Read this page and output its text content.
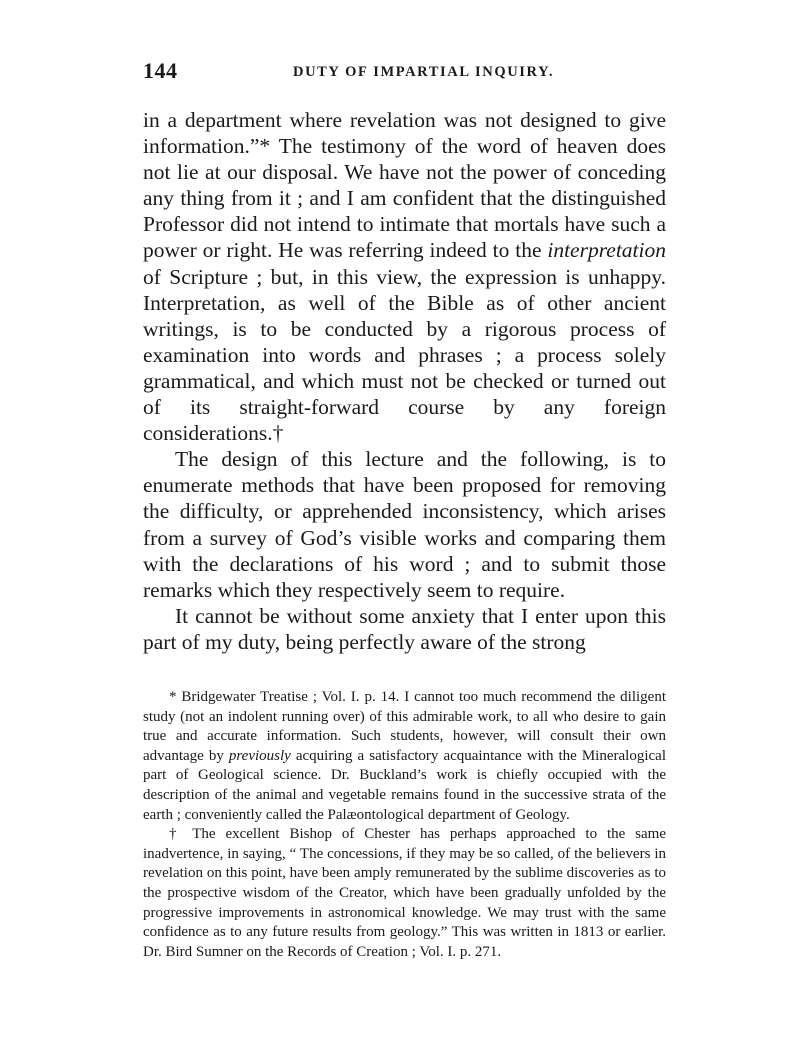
144	DUTY OF IMPARTIAL INQUIRY.

in a department where revelation was not designed to give information.”* The testimony of the word of heaven does not lie at our disposal. We have not the power of conceding any thing from it ; and I am confident that the distinguished Professor did not intend to intimate that mortals have such a power or right. He was referring indeed to the interpretation of Scripture ; but, in this view, the expression is unhappy. Interpretation, as well of the Bible as of other ancient writings, is to be conducted by a rigorous process of examination into words and phrases ; a process solely grammatical, and which must not be checked or turned out of its straight-forward course by any foreign considerations.†

The design of this lecture and the following, is to enumerate methods that have been proposed for removing the difficulty, or apprehended inconsistency, which arises from a survey of God’s visible works and comparing them with the declarations of his word ; and to submit those remarks which they respectively seem to require.

It cannot be without some anxiety that I enter upon this part of my duty, being perfectly aware of the strong

* Bridgewater Treatise ; Vol. I. p. 14. I cannot too much recommend the diligent study (not an indolent running over) of this admirable work, to all who desire to gain true and accurate information. Such students, however, will consult their own advantage by previously acquiring a satisfactory acquaintance with the Mineralogical part of Geological science. Dr. Buckland’s work is chiefly occupied with the description of the animal and vegetable remains found in the successive strata of the earth ; conveniently called the Palæontological department of Geology.

† The excellent Bishop of Chester has perhaps approached to the same inadvertence, in saying, “ The concessions, if they may be so called, of the believers in revelation on this point, have been amply remunerated by the sublime discoveries as to the prospective wisdom of the Creator, which have been gradually unfolded by the progressive improvements in astronomical knowledge. We may trust with the same confidence as to any future results from geology.” This was written in 1813 or earlier. Dr. Bird Sumner on the Records of Creation ; Vol. I. p. 271.
